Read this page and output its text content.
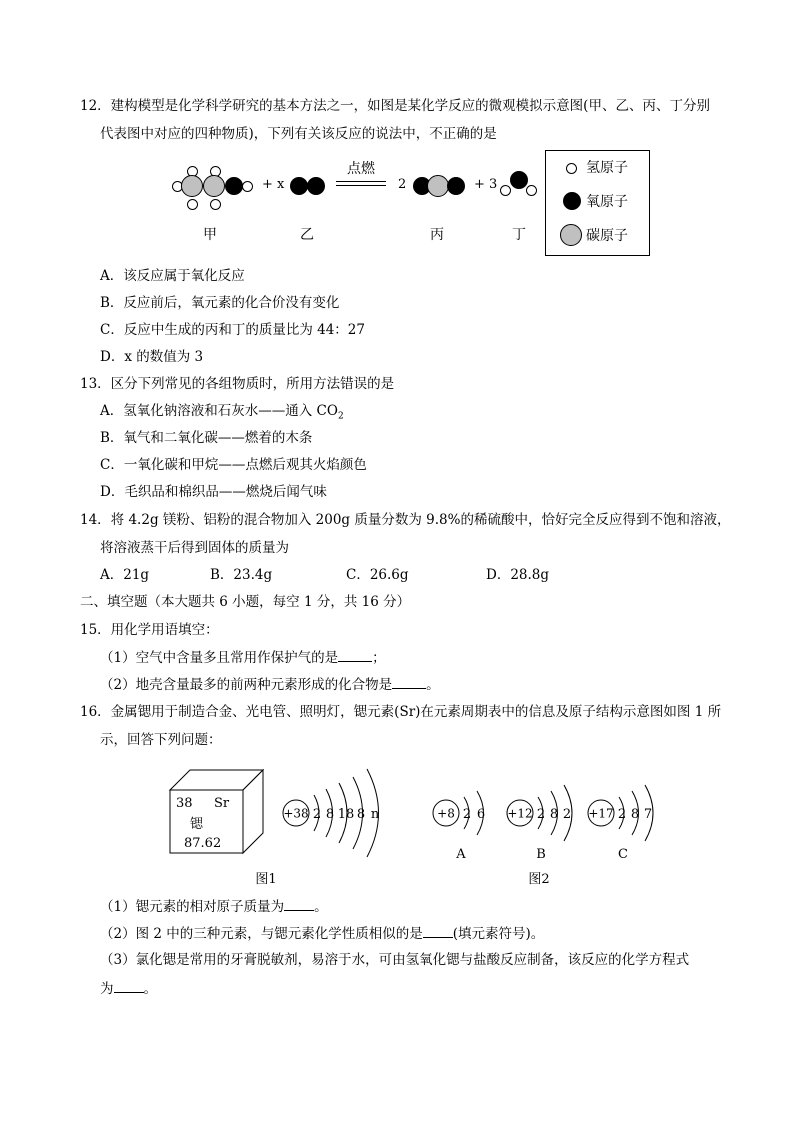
12．建构模型是化学科学研究的基本方法之一，如图是某化学反应的微观模拟示意图(甲、乙、丙、丁分别
代表图中对应的四种物质)，下列有关该反应的说法中，不正确的是
+ x
点燃
2	+ 3
甲	乙	丙	丁
氢原子
氧原子
碳原子
A．该反应属于氧化反应
B．反应前后，氧元素的化合价没有变化
C．反应中生成的丙和丁的质量比为 44：27
D．x 的数值为 3
13．区分下列常见的各组物质时，所用方法错误的是
A．氢氧化钠溶液和石灰水——通入 $CO_2$
B．氧气和二氧化碳——燃着的木条
C．一氧化碳和甲烷——点燃后观其火焰颜色
D．毛织品和棉织品——燃烧后闻气味
14．将 4.2g 镁粉、铝粉的混合物加入 200g 质量分数为 9.8%的稀硫酸中，恰好完全反应得到不饱和溶液，
将溶液蒸干后得到固体的质量为
A．21g	B．23.4g	C．26.6g	D．28.8g
二、填空题（本大题共 6 小题，每空 1 分，共 16 分）
15．用化学用语填空：
（1）空气中含量多且常用作保护气的是	；
（2）地壳含量最多的前两种元素形成的化合物是	。
16．金属锶用于制造合金、光电管、照明灯，锶元素(Sr)在元素周期表中的信息及原子结构示意图如图 1 所
示，回答下列问题：
38 Sr
锶
87.62
+38 2 8 18 8 n	+8 2 6
A
+12 2 8 2
B
+17 2 8 7
C
图1	图2
（1）锶元素的相对原子质量为 。
（2）图 2 中的三种元素，与锶元素化学性质相似的是 (填元素符号)。
（3）氯化锶是常用的牙膏脱敏剂，易溶于水，可由氢氧化锶与盐酸反应制备，该反应的化学方程式
为 。
